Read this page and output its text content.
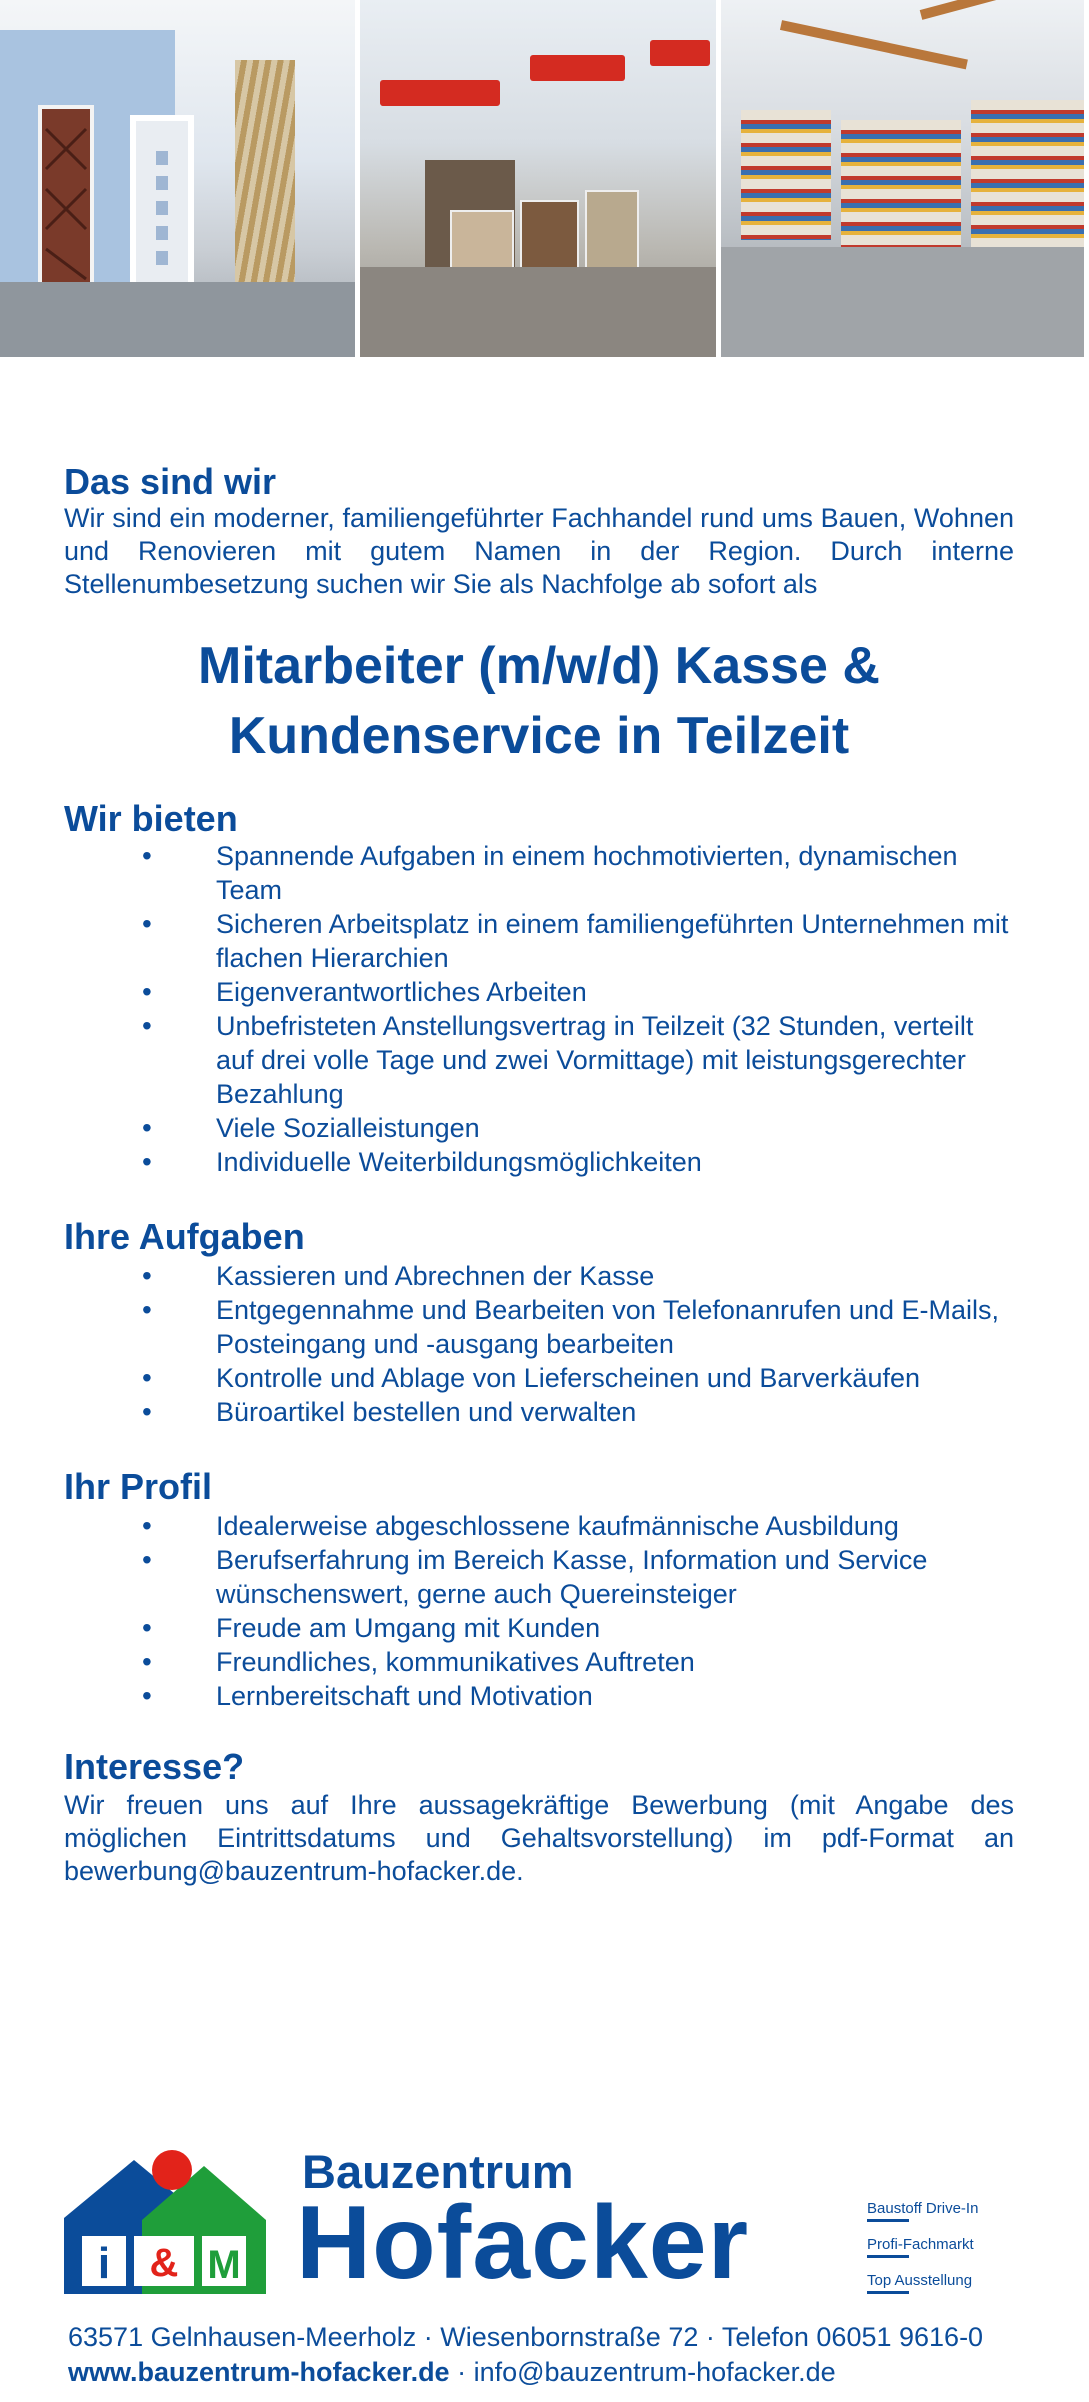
Das sind wir

Wir sind ein moderner, familiengeführter Fachhandel rund ums Bauen, Wohnen und Renovieren mit gutem Namen in der Region. Durch interne Stellenumbesetzung suchen wir Sie als Nachfolge ab sofort als

Mitarbeiter (m/w/d) Kasse &
Kundenservice in Teilzeit
Wir bieten
• Spannende Aufgaben in einem hochmotivierten, dynamischen Team
• Sicheren Arbeitsplatz in einem familiengeführten Unternehmen mit flachen Hierarchien
• Eigenverantwortliches Arbeiten
• Unbefristeten Anstellungsvertrag in Teilzeit (32 Stunden, verteilt auf drei volle Tage und zwei Vormittage) mit leistungsgerechter Bezahlung
• Viele Sozialleistungen
• Individuelle Weiterbildungsmöglichkeiten
Ihre Aufgaben
• Kassieren und Abrechnen der Kasse
• Entgegennahme und Bearbeiten von Telefonanrufen und E-Mails, Posteingang und -ausgang bearbeiten
• Kontrolle und Ablage von Lieferscheinen und Barverkäufen
• Büroartikel bestellen und verwalten
Ihr Profil
• Idealerweise abgeschlossene kaufmännische Ausbildung
• Berufserfahrung im Bereich Kasse, Information und Service wünschenswert, gerne auch Quereinsteiger
• Freude am Umgang mit Kunden
• Freundliches, kommunikatives Auftreten
• Lernbereitschaft und Motivation
Interesse?

Wir freuen uns auf Ihre aussagekräftige Bewerbung (mit Angabe des möglichen Eintrittsdatums und Gehaltsvorstellung) im pdf-Format an bewerbung@bauzentrum-hofacker.de.

i & M
Bauzentrum
Hofacker	Baustoff Drive-In
Profi-Fachmarkt
Top Ausstellung
63571 Gelnhausen-Meerholz · Wiesenbornstraße 72 · Telefon 06051 9616-0
www.bauzentrum-hofacker.de · info@bauzentrum-hofacker.de
